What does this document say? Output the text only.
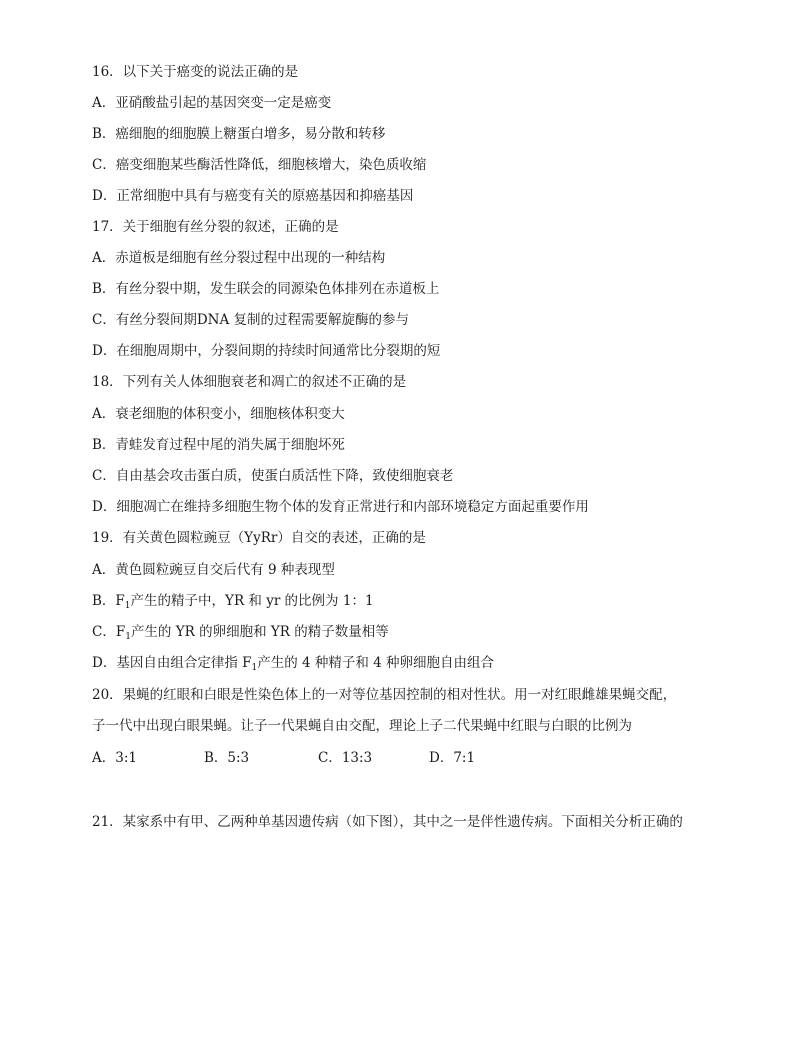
16．以下关于癌变的说法正确的是
A．亚硝酸盐引起的基因突变一定是癌变
B．癌细胞的细胞膜上糖蛋白增多，易分散和转移
C．癌变细胞某些酶活性降低，细胞核增大，染色质收缩
D．正常细胞中具有与癌变有关的原癌基因和抑癌基因
17．关于细胞有丝分裂的叙述，正确的是
A．赤道板是细胞有丝分裂过程中出现的一种结构
B．有丝分裂中期，发生联会的同源染色体排列在赤道板上
C．有丝分裂间期DNA 复制的过程需要解旋酶的参与
D．在细胞周期中，分裂间期的持续时间通常比分裂期的短
18．下列有关人体细胞衰老和凋亡的叙述不正确的是
A．衰老细胞的体积变小，细胞核体积变大
B．青蛙发育过程中尾的消失属于细胞坏死
C．自由基会攻击蛋白质，使蛋白质活性下降，致使细胞衰老
D．细胞凋亡在维持多细胞生物个体的发育正常进行和内部环境稳定方面起重要作用
19．有关黄色圆粒豌豆（YyRr）自交的表述，正确的是
A．黄色圆粒豌豆自交后代有 9 种表现型
B．$F_1$产生的精子中，YR 和 yr 的比例为 1：1
C．$F_1$产生的 YR 的卵细胞和 YR 的精子数量相等
D．基因自由组合定律指 $F_1$产生的 4 种精子和 4 种卵细胞自由组合
20．果蝇的红眼和白眼是性染色体上的一对等位基因控制的相对性状。用一对红眼雌雄果蝇交配，
子一代中出现白眼果蝇。让子一代果蝇自由交配，理论上子二代果蝇中红眼与白眼的比例为
A．3:1	B．5:3	C．13:3	D．7:1
21．某家系中有甲、乙两种单基因遗传病（如下图），其中之一是伴性遗传病。下面相关分析正确的
